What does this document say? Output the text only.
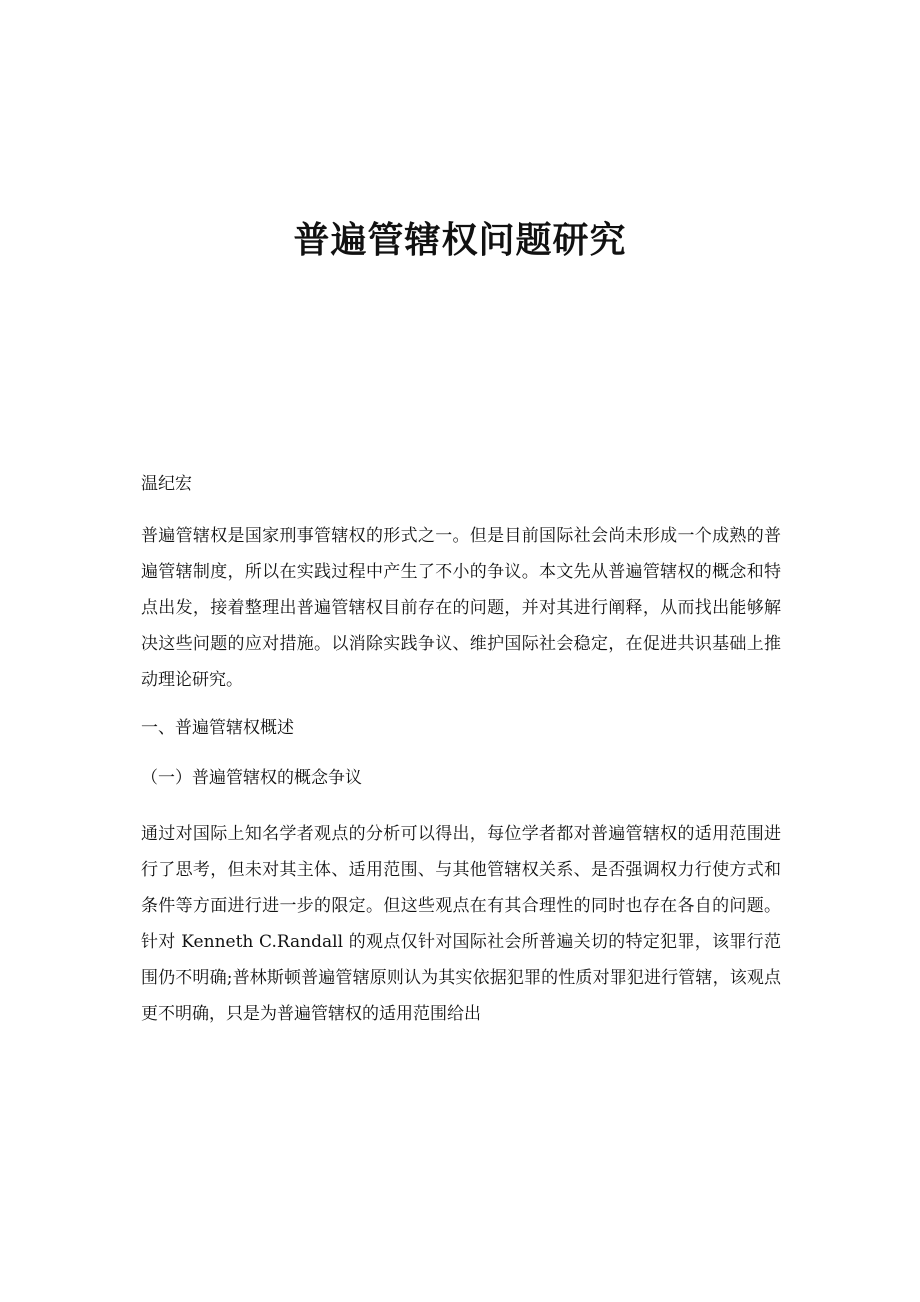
普遍管辖权问题研究

温纪宏

普遍管辖权是国家刑事管辖权的形式之一。但是目前国际社会尚未形成一个成熟的普遍管辖制度，所以在实践过程中产生了不小的争议。本文先从普遍管辖权的概念和特点出发，接着整理出普遍管辖权目前存在的问题，并对其进行阐释，从而找出能够解决这些问题的应对措施。以消除实践争议、维护国际社会稳定，在促进共识基础上推动理论研究。

一、普遍管辖权概述

（一）普遍管辖权的概念争议

通过对国际上知名学者观点的分析可以得出，每位学者都对普遍管辖权的适用范围进行了思考，但未对其主体、适用范围、与其他管辖权关系、是否强调权力行使方式和条件等方面进行进一步的限定。但这些观点在有其合理性的同时也存在各自的问题。针对 Kenneth C.Randall 的观点仅针对国际社会所普遍关切的特定犯罪，该罪行范围仍不明确;普林斯顿普遍管辖原则认为其实依据犯罪的性质对罪犯进行管辖，该观点更不明确，只是为普遍管辖权的适用范围给出
